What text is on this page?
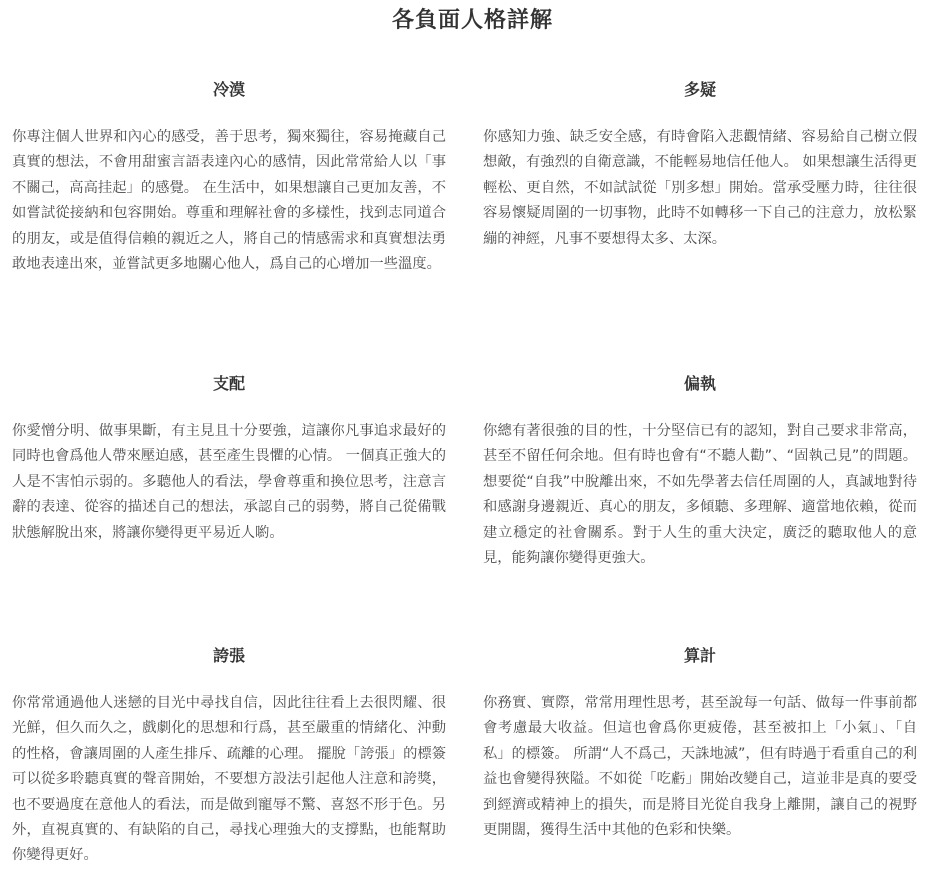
各負面人格詳解
冷漠

你專注個人世界和內心的感受，善于思考，獨來獨往，容易掩藏自己真實的想法，不會用甜蜜言語表達內心的感情，因此常常給人以「事不關己，高高挂起」的感覺。 在生活中，如果想讓自己更加友善，不如嘗試從接納和包容開始。尊重和理解社會的多樣性，找到志同道合的朋友，或是值得信賴的親近之人，將自己的情感需求和真實想法勇敢地表達出來，並嘗試更多地關心他人，爲自己的心增加一些溫度。

多疑

你感知力強、缺乏安全感，有時會陷入悲觀情緒、容易給自己樹立假想敵，有強烈的自衛意識，不能輕易地信任他人。 如果想讓生活得更輕松、更自然，不如試試從「別多想」開始。當承受壓力時，往往很容易懷疑周圍的一切事物，此時不如轉移一下自己的注意力，放松緊繃的神經，凡事不要想得太多、太深。

支配

你愛憎分明、做事果斷，有主見且十分要強，這讓你凡事追求最好的同時也會爲他人帶來壓迫感，甚至產生畏懼的心情。 一個真正強大的人是不害怕示弱的。多聽他人的看法，學會尊重和換位思考，注意言辭的表達、從容的描述自己的想法，承認自己的弱勢，將自己從備戰狀態解脫出來，將讓你變得更平易近人喲。

偏執

你總有著很強的目的性，十分堅信已有的認知，對自己要求非常高，甚至不留任何余地。但有時也會有“不聽人勸”、“固執己見”的問題。 想要從“自我”中脫離出來，不如先學著去信任周圍的人，真誠地對待和感謝身邊親近、真心的朋友，多傾聽、多理解、適當地依賴，從而建立穩定的社會關系。對于人生的重大決定，廣泛的聽取他人的意見，能夠讓你變得更強大。

誇張

你常常通過他人迷戀的目光中尋找自信，因此往往看上去很閃耀、很光鮮，但久而久之，戲劇化的思想和行爲，甚至嚴重的情緒化、沖動的性格，會讓周圍的人產生排斥、疏離的心理。 擺脫「誇張」的標簽可以從多聆聽真實的聲音開始，不要想方設法引起他人注意和誇獎，也不要過度在意他人的看法，而是做到寵辱不驚、喜怒不形于色。另外，直視真實的、有缺陷的自己，尋找心理強大的支撐點，也能幫助你變得更好。

算計

你務實、實際，常常用理性思考，甚至說每一句話、做每一件事前都會考慮最大收益。但這也會爲你更疲倦，甚至被扣上「小氣」、「自私」的標簽。 所謂“人不爲己，天誅地滅”，但有時過于看重自己的利益也會變得狹隘。不如從「吃虧」開始改變自己，這並非是真的要受到經濟或精神上的損失，而是將目光從自我身上離開，讓自己的視野更開闊，獲得生活中其他的色彩和快樂。
